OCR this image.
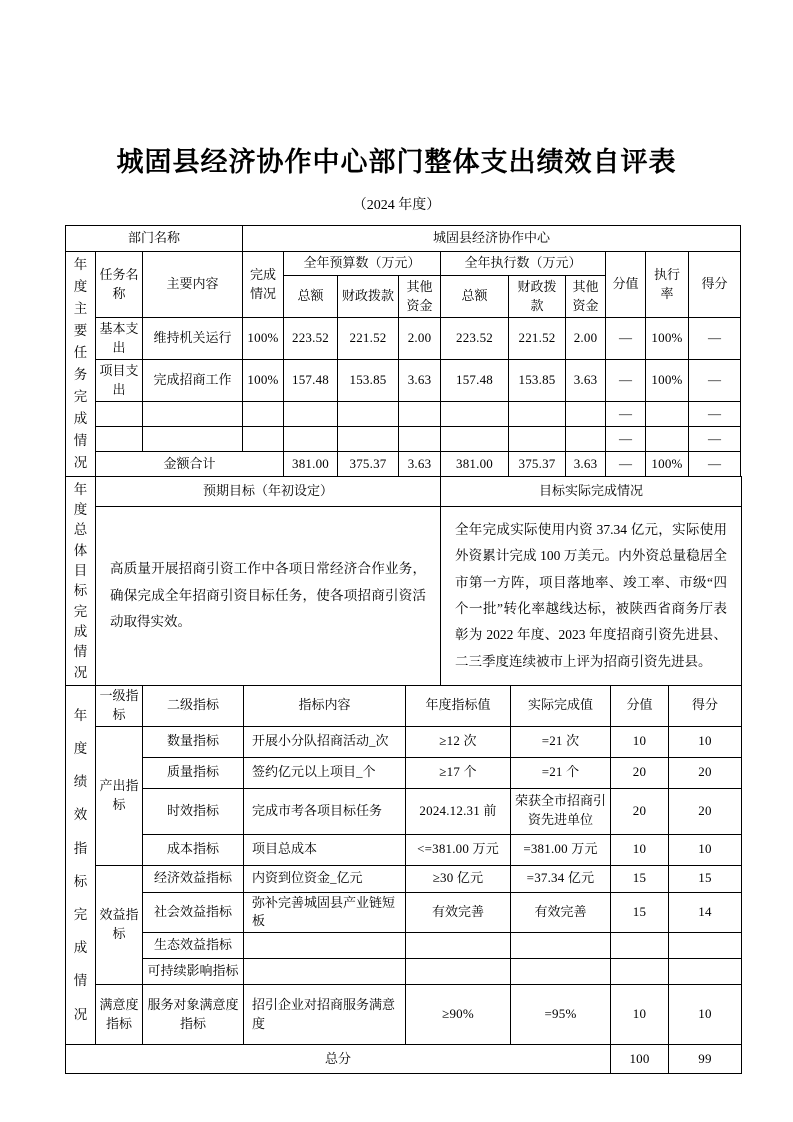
城固县经济协作中心部门整体支出绩效自评表
（2024 年度）
部门名称			城固县经济协作中心									

年
度
主
要
任
务
完
成
情
况
	任务名称	主要内容	完成情况	全年预算数（万元）	全年执行数（万元）	分值	执行率	得分
				总额	财政拨款	其他资金	总额	财政拨款	其他资金			
	基本支出	维持机关运行	100%	223.52	221.52	2.00	223.52	221.52	2.00	—	100%	—
	项目支出	完成招商工作	100%	157.48	153.85	3.63	157.48	153.85	3.63	—	100%	—
										—		—
										—		—
	金额合计			381.00	375.37	3.63	381.00	375.37	3.63	—	100%	—
年
度
总
体
目
标
完
成
情
况
	预期目标（年初设定）	目标实际完成情况
	高质量开展招商引资工作中各项日常经济合作业务，确保完成全年招商引资目标任务，使各项招商引资活动取得实效。	全年完成实际使用内资 37.34 亿元，实际使用外资累计完成 100 万美元。内外资总量稳居全市第一方阵，项目落地率、竣工率、市级“四个一批”转化率越线达标，被陕西省商务厅表彰为 2022 年度、2023 年度招商引资先进县、二三季度连续被市上评为招商引资先进县。
年
度
绩
效
指
标
完
成
情
况
	一级指标	二级指标	指标内容	年度指标值	实际完成值	分值	得分
	产出指标	数量指标	开展小分队招商活动_次	≥12 次	=21 次	10	10
		质量指标	签约亿元以上项目_个	≥17 个	=21 个	20	20
		时效指标	完成市考各项目标任务	2024.12.31 前	荣获全市招商引资先进单位	20	20
		成本指标	项目总成本	<=381.00 万元	=381.00 万元	10	10
	效益指标	经济效益指标	内资到位资金_亿元	≥30 亿元	=37.34 亿元	15	15
		社会效益指标	弥补完善城固县产业链短板	有效完善	有效完善	15	14
		生态效益指标					
		可持续影响指标					
	满意度指标	服务对象满意度指标	招引企业对招商服务满意度	≥90%	=95%	10	10
总分						100	99
